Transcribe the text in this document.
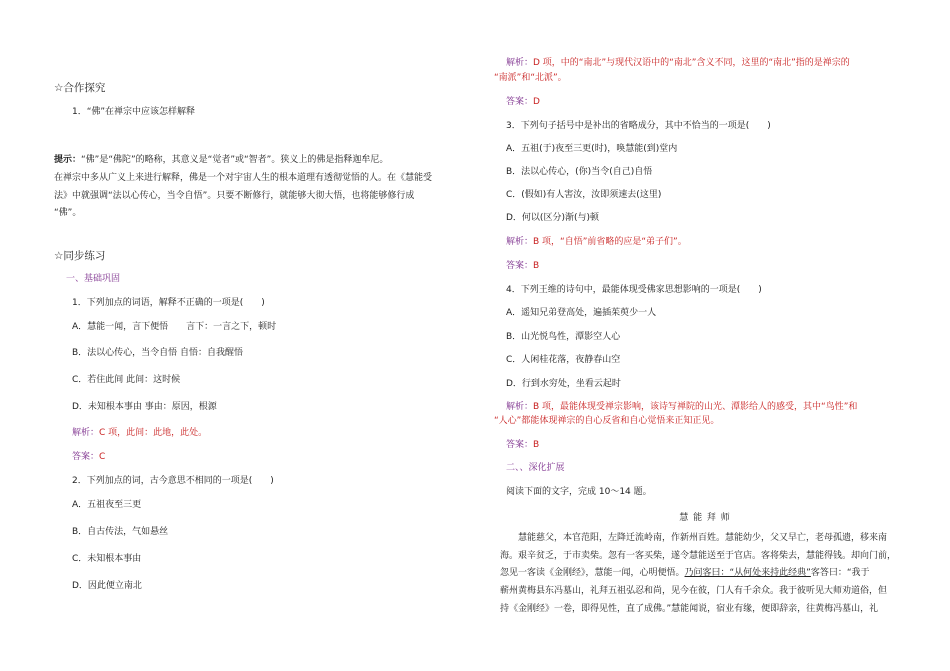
☆合作探究
1．“佛”在禅宗中应该怎样解释
提示：“佛”是“佛陀”的略称，其意义是“觉者”或“智者”。狭义上的佛是指释迦牟尼。
在禅宗中多从广义上来进行解释，佛是一个对宇宙人生的根本道理有透彻觉悟的人。在《慧能受
法》中就强调“法以心传心，当令自悟”。只要不断修行，就能够大彻大悟，也将能够修行成
“佛”。
☆同步练习
一、基础巩固
1．下列加点的词语，解释不正确的一项是(　　)
A．慧能一闻，言下便悟　　言下：一言之下，顿时
B．法以心传心，当令自悟 自悟：自我醒悟
C．若住此间 此间：这时候
D．未知根本事由 事由：原因，根源
解析：C 项，此间：此地，此处。
答案：C
2．下列加点的词，古今意思不相同的一项是(　　)
A．五祖夜至三更
B．自古传法，气如悬丝
C．未知根本事由
D．因此便立南北
解析：D 项，中的“南北”与现代汉语中的“南北”含义不同，这里的“南北”指的是禅宗的
“南派”和“北派”。
答案：D
3．下列句子括号中是补出的省略成分，其中不恰当的一项是(　　)
A．五祖(于)夜至三更(时)，唤慧能(到)堂内
B．法以心传心，(你)当令(自己)自悟
C．(假如)有人害汝，汝即须速去(这里)
D．何以(区分)渐(与)顿
解析：B 项，“自悟”前省略的应是“弟子们”。
答案：B
4．下列王维的诗句中，最能体现受佛家思想影响的一项是(　　)
A．遥知兄弟登高处，遍插茱萸少一人
B．山光悦鸟性，潭影空人心
C．人闲桂花落，夜静春山空
D．行到水穷处，坐看云起时
解析：B 项，最能体现受禅宗影响，该诗写禅院的山光、潭影给人的感受，其中“鸟性”和
“人心”都能体现禅宗的自心反省和自心觉悟来正知正见。
答案：B
二、、深化扩展
阅读下面的文字，完成 10～14 题。
慧 能 拜 师
慧能慈父，本官范阳，左降迁流岭南，作新州百姓。慧能幼少，父又早亡，老母孤遗，移来南
海。艰辛贫乏，于市卖柴。忽有一客买柴，遂令慧能送至于官店。客将柴去，慧能得钱。却向门前，
忽见一客读《金刚经》，慧能一闻，心明便悟。乃问客曰：“从何处来持此经典”客答曰：“我于
蕲州黄梅县东冯墓山，礼拜五祖弘忍和尚，见今在彼，门人有千余众。我于彼听见大师劝道俗，但
持《金刚经》一卷，即得见性，直了成佛。”慧能闻说，宿业有缘，便即辞亲，往黄梅冯墓山，礼
